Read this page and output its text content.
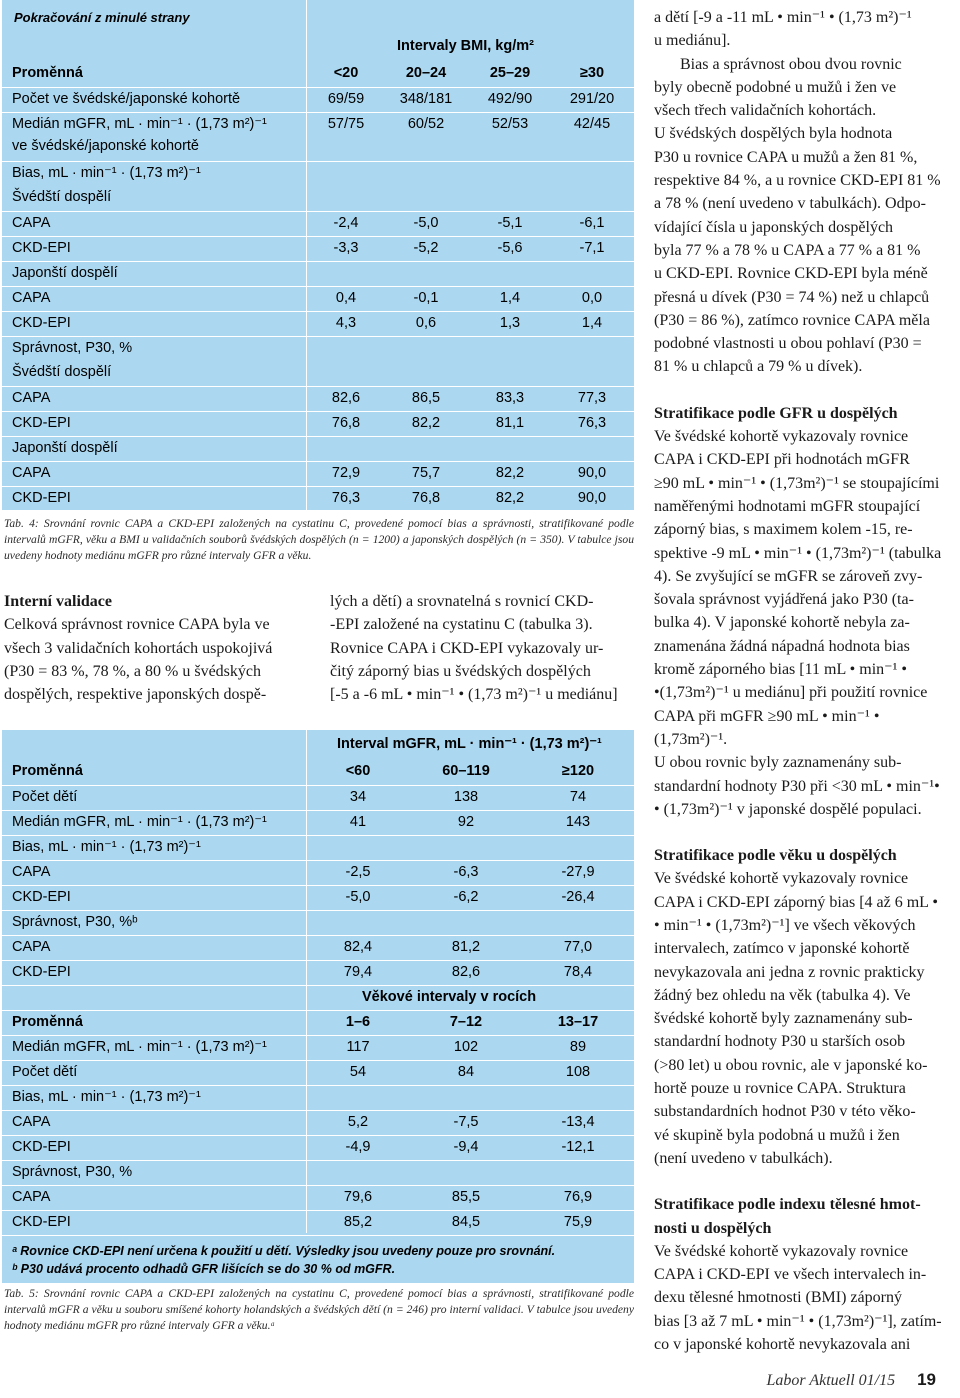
Pokračování z minulé strany
Intervaly BMI, kg/m²
Proměnná	<20	20–24	25–29	≥30
Počet ve švédské/japonské kohortě	69/59	348/181	492/90	291/20
Medián mGFR, mL · min⁻¹ · (1,73 m²)⁻¹
ve švédské/japonské kohortě
57/75	60/52	52/53	42/45
Bias, mL · min⁻¹ · (1,73 m²)⁻¹
Švédští dospělí
CAPA	-2,4	-5,0	-5,1	-6,1
CKD-EPI	-3,3	-5,2	-5,6	-7,1
Japonští dospělí
CAPA	0,4	-0,1	1,4	0,0
CKD-EPI	4,3	0,6	1,3	1,4
Správnost, P30, %
Švédští dospělí
CAPA	82,6	86,5	83,3	77,3
CKD-EPI	76,8	82,2	81,1	76,3
Japonští dospělí
CAPA	72,9	75,7	82,2	90,0
CKD-EPI	76,3	76,8	82,2	90,0
Tab. 4: Srovnání rovnic CAPA a CKD-EPI založených na cystatinu C, provedené pomocí bias a správnosti, stratifikované podle intervalů mGFR, věku a BMI u validačních souborů švédských dospělých (n = 1200) a japonských dospělých (n = 350). V tabulce jsou uvedeny hodnoty mediánu mGFR pro různé intervaly GFR a věku.

Interní validace

Celková správnost rovnice CAPA byla ve

všech 3 validačních kohortách uspokojivá

(P30 = 83 %, 78 %, a 80 % u švédských

dospělých, respektive japonských dospě-

lých a dětí) a srovnatelná s rovnicí CKD-

-EPI založené na cystatinu C (tabulka 3).

Rovnice CAPA i CKD-EPI vykazovaly ur-

čitý záporný bias u švédských dospělých

[-5 a -6 mL • min⁻¹ • (1,73 m²)⁻¹ u mediánu]

Interval mGFR, mL · min⁻¹ · (1,73 m²)⁻¹
Proměnná	<60	60–119	≥120
Počet dětí	34	138	74
Medián mGFR, mL · min⁻¹ · (1,73 m²)⁻¹	41	92	143
Bias, mL · min⁻¹ · (1,73 m²)⁻¹
CAPA	-2,5	-6,3	-27,9
CKD-EPI	-5,0	-6,2	-26,4
Správnost, P30, %ᵇ
CAPA	82,4	81,2	77,0
CKD-EPI	79,4	82,6	78,4
Věkové intervaly v rocích
Proměnná	1–6	7–12	13–17
Medián mGFR, mL · min⁻¹ · (1,73 m²)⁻¹	117	102	89
Počet dětí	54	84	108
Bias, mL · min⁻¹ · (1,73 m²)⁻¹
CAPA	5,2	-7,5	-13,4
CKD-EPI	-4,9	-9,4	-12,1
Správnost, P30, %
CAPA	79,6	85,5	76,9
CKD-EPI	85,2	84,5	75,9
ᵃ Rovnice CKD-EPI není určena k použití u dětí. Výsledky jsou uvedeny pouze pro srovnání.
ᵇ P30 udává procento odhadů GFR lišících se do 30 % od mGFR.
Tab. 5: Srovnání rovnic CAPA a CKD-EPI založených na cystatinu C, provedené pomocí bias a správnosti, stratifikované podle intervalů mGFR a věku u souboru smíšené kohorty holandských a švédských dětí (n = 246) pro interní validaci. V tabulce jsou uvedeny hodnoty mediánu mGFR pro různé intervaly GFR a věku.ᵃ

a dětí [-9 a -11 mL • min⁻¹ • (1,73 m²)⁻¹

u mediánu].

Bias a správnost obou dvou rovnic

byly obecně podobné u mužů i žen ve

všech třech validačních kohortách.

U švédských dospělých byla hodnota

P30 u rovnice CAPA u mužů a žen 81 %,

respektive 84 %, a u rovnice CKD-EPI 81 %

a 78 % (není uvedeno v tabulkách). Odpo-

vídající čísla u japonských dospělých

byla 77 % a 78 % u CAPA a 77 % a 81 %

u CKD-EPI. Rovnice CKD-EPI byla méně

přesná u dívek (P30 = 74 %) než u chlapců

(P30 = 86 %), zatímco rovnice CAPA měla

podobné vlastnosti u obou pohlaví (P30 =

81 % u chlapců a 79 % u dívek).

Stratifikace podle GFR u dospělých

Ve švédské kohortě vykazovaly rovnice

CAPA i CKD-EPI při hodnotách mGFR

≥90 mL • min⁻¹ • (1,73m²)⁻¹ se stoupajícími

naměřenými hodnotami mGFR stoupající

záporný bias, s maximem kolem -15, re-

spektive -9 mL • min⁻¹ • (1,73m²)⁻¹ (tabulka

4). Se zvyšující se mGFR se zároveň zvy-

šovala správnost vyjádřená jako P30 (ta-

bulka 4). V japonské kohortě nebyla za-

znamenána žádná nápadná hodnota bias

kromě záporného bias [11 mL • min⁻¹ •

•(1,73m²)⁻¹ u mediánu] při použití rovnice

CAPA při mGFR ≥90 mL • min⁻¹ • (1,73m²)⁻¹.

U obou rovnic byly zaznamenány sub-

standardní hodnoty P30 při <30 mL • min⁻¹•

• (1,73m²)⁻¹ v japonské dospělé populaci.

Stratifikace podle věku u dospělých

Ve švédské kohortě vykazovaly rovnice

CAPA i CKD-EPI záporný bias [4 až 6 mL •

• min⁻¹ • (1,73m²)⁻¹] ve všech věkových

intervalech, zatímco v japonské kohortě

nevykazovala ani jedna z rovnic prakticky

žádný bez ohledu na věk (tabulka 4). Ve

švédské kohortě byly zaznamenány sub-

standardní hodnoty P30 u starších osob

(>80 let) u obou rovnic, ale v japonské ko-

hortě pouze u rovnice CAPA. Struktura

substandardních hodnot P30 v této věko-

vé skupině byla podobná u mužů i žen

(není uvedeno v tabulkách).

Stratifikace podle indexu tělesné hmot-

nosti u dospělých

Ve švédské kohortě vykazovaly rovnice

CAPA i CKD-EPI ve všech intervalech in-

dexu tělesné hmotnosti (BMI) záporný

bias [3 až 7 mL • min⁻¹ • (1,73m²)⁻¹], zatím-

co v japonské kohortě nevykazovala ani

Labor Aktuell 01/15 19
